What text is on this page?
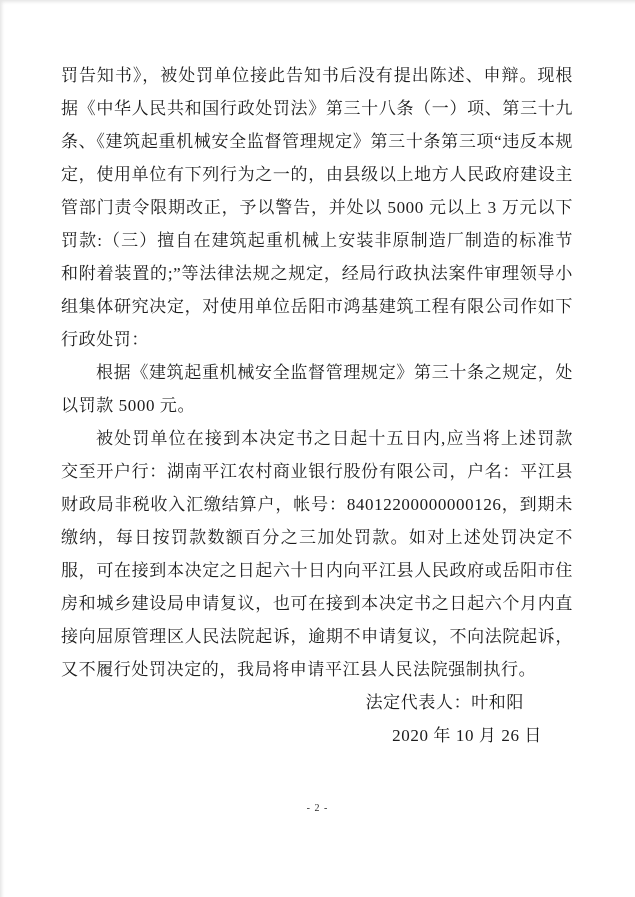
罚告知书》，被处罚单位接此告知书后没有提出陈述、申辩。现根据《中华人民共和国行政处罚法》第三十八条（一）项、第三十九条、《建筑起重机械安全监督管理规定》第三十条第三项“违反本规定，使用单位有下列行为之一的，由县级以上地方人民政府建设主管部门责令限期改正，予以警告，并处以 5000 元以上 3 万元以下罚款:（三）擅自在建筑起重机械上安装非原制造厂制造的标准节和附着装置的;”等法律法规之规定，经局行政执法案件审理领导小组集体研究决定，对使用单位岳阳市鸿基建筑工程有限公司作如下行政处罚：

根据《建筑起重机械安全监督管理规定》第三十条之规定，处以罚款 5000 元。

被处罚单位在接到本决定书之日起十五日内,应当将上述罚款交至开户行：湖南平江农村商业银行股份有限公司，户名：平江县财政局非税收入汇缴结算户，帐号：84012200000000126，到期未缴纳，每日按罚款数额百分之三加处罚款。如对上述处罚决定不服，可在接到本决定之日起六十日内向平江县人民政府或岳阳市住房和城乡建设局申请复议，也可在接到本决定书之日起六个月内直接向屈原管理区人民法院起诉，逾期不申请复议，不向法院起诉，又不履行处罚决定的，我局将申请平江县人民法院强制执行。

法定代表人：叶和阳
2020 年 10 月 26 日
- 2 -
